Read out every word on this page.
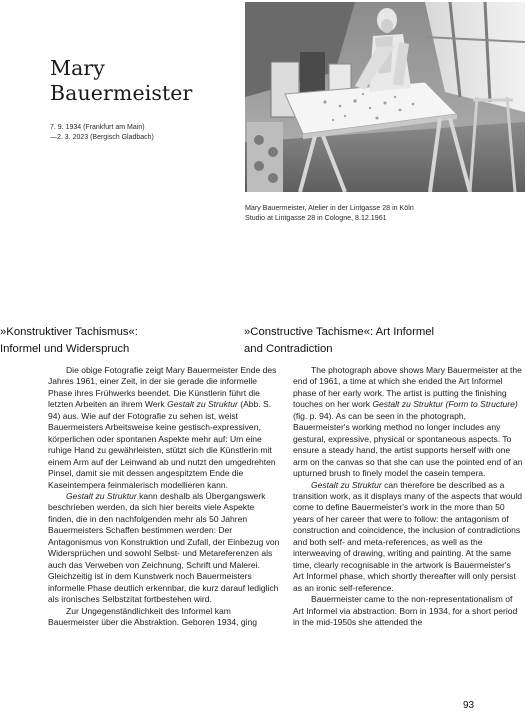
Mary
Bauermeister
7. 9. 1934 (Frankfurt am Main)
—2. 3. 2023 (Bergisch Gladbach)
Mary Bauermeister, Atelier in der Lintgasse 28 in Köln
Studio at Lintgasse 28 in Cologne, 8.12.1961
»Konstruktiver Tachismus«:
Informel und Widerspruch
»Constructive Tachisme«: Art Informel
and Contradiction

Die obige Fotografie zeigt Mary Bauermeister Ende des Jahres 1961, einer Zeit, in der sie gerade die informelle Phase ihres Frühwerks beendet. Die Künstlerin führt die letzten Arbeiten an ihrem Werk Gestalt zu Struktur (Abb. S. 94) aus. Wie auf der Fotografie zu sehen ist, weist Bauermeisters Arbeitsweise keine gestisch-expressiven, körperlichen oder spontanen Aspekte mehr auf: Um eine ruhige Hand zu gewährleisten, stützt sich die Künstlerin mit einem Arm auf der Leinwand ab und nutzt den umgedrehten Pinsel, damit sie mit dessen angespitztem Ende die Kaseintempera feinmalerisch modellieren kann.

Gestalt zu Struktur kann deshalb als Übergangswerk beschrieben werden, da sich hier bereits viele Aspekte finden, die in den nachfolgenden mehr als 50 Jahren Bauermeisters Schaffen bestimmen werden: Der Antagonismus von Konstruktion und Zufall, der Einbezug von Widersprüchen und sowohl Selbst- und Metareferenzen als auch das Verweben von Zeichnung, Schrift und Malerei. Gleichzeitig ist in dem Kunstwerk noch Bauermeisters informelle Phase deutlich erkennbar, die kurz darauf lediglich als ironisches Selbstzitat fortbestehen wird.

Zur Ungegenständlichkeit des Informel kam Bauermeister über die Abstraktion. Geboren 1934, ging

The photograph above shows Mary Bauermeister at the end of 1961, a time at which she ended the Art Informel phase of her early work. The artist is putting the finishing touches on her work Gestalt zu Struktur (Form to Structure) (fig. p. 94). As can be seen in the photograph, Bauermeister's working method no longer includes any gestural, expressive, physical or spontaneous aspects. To ensure a steady hand, the artist supports herself with one arm on the canvas so that she can use the pointed end of an upturned brush to finely model the casein tempera.

Gestalt zu Struktur can therefore be described as a transition work, as it displays many of the aspects that would come to define Bauermeister's work in the more than 50 years of her career that were to follow: the antagonism of construction and coincidence, the inclusion of contradictions and both self- and meta-references, as well as the interweaving of drawing, writing and painting. At the same time, clearly recognisable in the artwork is Bauermeister's Art Informel phase, which shortly thereafter will only persist as an ironic self-reference.

Bauermeister came to the non-representationalism of Art Informel via abstraction. Born in 1934, for a short period in the mid-1950s she attended the

93
